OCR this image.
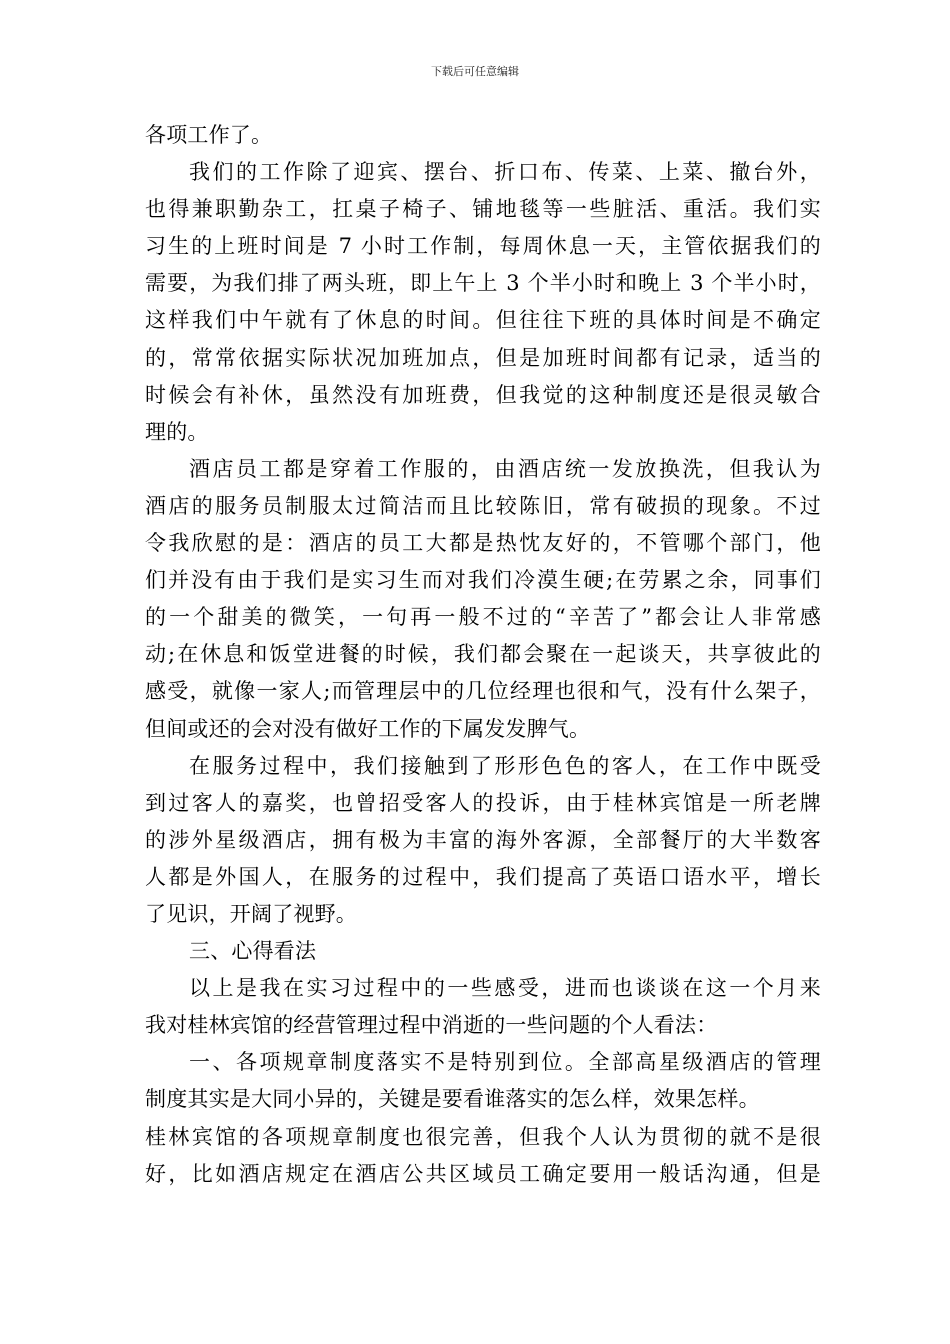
下载后可任意编辑
各项工作了。
我们的工作除了迎宾、摆台、折口布、传菜、上菜、撤台外，
也得兼职勤杂工，扛桌子椅子、铺地毯等一些脏活、重活。我们实
习生的上班时间是 7 小时工作制，每周休息一天，主管依据我们的
需要，为我们排了两头班，即上午上 3 个半小时和晚上 3 个半小时，
这样我们中午就有了休息的时间。但往往下班的具体时间是不确定
的，常常依据实际状况加班加点，但是加班时间都有记录，适当的
时候会有补休，虽然没有加班费，但我觉的这种制度还是很灵敏合
理的。
酒店员工都是穿着工作服的，由酒店统一发放换洗，但我认为
酒店的服务员制服太过简洁而且比较陈旧，常有破损的现象。不过
令我欣慰的是：酒店的员工大都是热忱友好的，不管哪个部门，他
们并没有由于我们是实习生而对我们冷漠生硬;在劳累之余，同事们
的一个甜美的微笑，一句再一般不过的“辛苦了”都会让人非常感
动;在休息和饭堂进餐的时候，我们都会聚在一起谈天，共享彼此的
感受，就像一家人;而管理层中的几位经理也很和气，没有什么架子，
但间或还的会对没有做好工作的下属发发脾气。
在服务过程中，我们接触到了形形色色的客人，在工作中既受
到过客人的嘉奖，也曾招受客人的投诉，由于桂林宾馆是一所老牌
的涉外星级酒店，拥有极为丰富的海外客源，全部餐厅的大半数客
人都是外国人，在服务的过程中，我们提高了英语口语水平，增长
了见识，开阔了视野。
三、心得看法
以上是我在实习过程中的一些感受，进而也谈谈在这一个月来
我对桂林宾馆的经营管理过程中消逝的一些问题的个人看法：
一、各项规章制度落实不是特别到位。全部高星级酒店的管理
制度其实是大同小异的，关键是要看谁落实的怎么样，效果怎样。
桂林宾馆的各项规章制度也很完善，但我个人认为贯彻的就不是很
好，比如酒店规定在酒店公共区域员工确定要用一般话沟通，但是
